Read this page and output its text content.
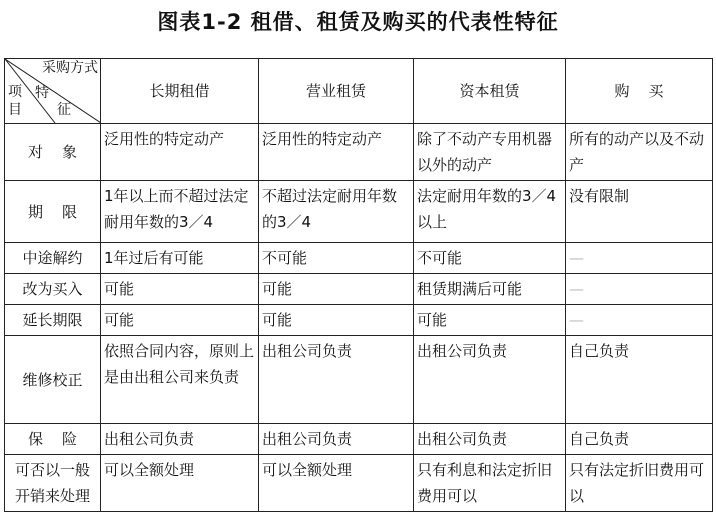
图表1-2 租借、租赁及购买的代表性特征
采购方式
特
征
项目	长期租借	营业租赁	资本租赁	购    买
对    象	泛用性的特定动产	泛用性的特定动产	除了不动产专用机器以外的动产	所有的动产以及不动产
期    限	1年以上而不超过法定耐用年数的3／4	不超过法定耐用年数的3／4	法定耐用年数的3／4以上	没有限制
中途解约	1年过后有可能	不可能	不可能	—
改为买入	可能	可能	租赁期满后可能	—
延长期限	可能	可能	可能	—
维修校正	依照合同内容，原则上是由出租公司来负责	出租公司负责	出租公司负责	自己负责
保    险	出租公司负责	出租公司负责	出租公司负责	自己负责
可否以一般开销来处理	可以全额处理	可以全额处理	只有利息和法定折旧费用可以	只有法定折旧费用可以
